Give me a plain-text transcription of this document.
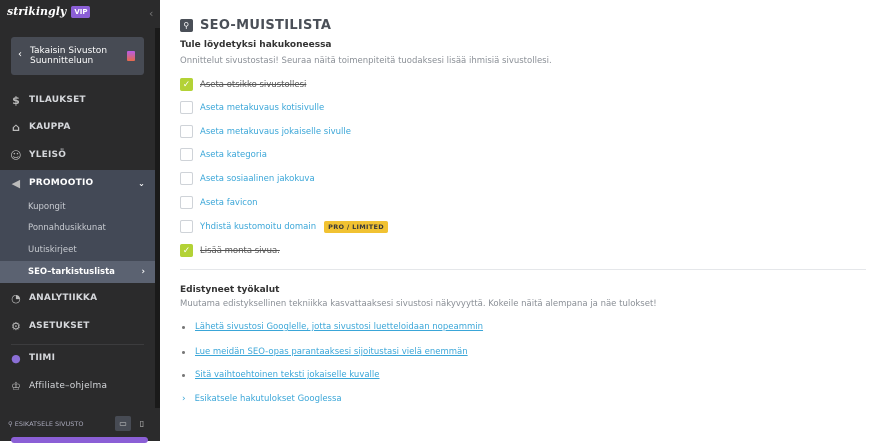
strikingly	VIP	‹
‹ Takaisin Sivuston Suunnitteluun
$	TILAUKSET
⌂ KAUPPA
☺ YLEISÖ
◀ PROMOOTIO	⌄
Kupongit
Ponnahdusikkunat
Uutiskirjeet
SEO–tarkistuslista	›
◔ ANALYTIIKKA
⚙ ASETUKSET
● TIIMI
♔ Affiliate–ohjelma
⚲ ESIKATSELE SIVUSTO	▭	▯
⚲ SEO-MUISTILISTA
Tule löydetyksi hakukoneessa
Onnittelut sivustostasi! Seuraa näitä toimenpiteitä tuodaksesi lisää ihmisiä sivustollesi.
✓	Aseta otsikko sivustollesi
Aseta metakuvaus kotisivulle
Aseta metakuvaus jokaiselle sivulle
Aseta kategoria
Aseta sosiaalinen jakokuva
Aseta favicon
Yhdistä kustomoitu domain	PRO / LIMITED
✓	Lisää monta sivua.
Edistyneet työkalut
Muutama edistyksellinen tekniikka kasvattaaksesi sivustosi näkyvyyttä. Kokeile näitä alempana ja näe tulokset!
Lähetä sivustosi Googlelle, jotta sivustosi luetteloidaan nopeammin
Lue meidän SEO-opas parantaaksesi sijoitustasi vielä enemmän
Sitä vaihtoehtoinen teksti jokaiselle kuvalle
› Esikatsele hakutulokset Googlessa
